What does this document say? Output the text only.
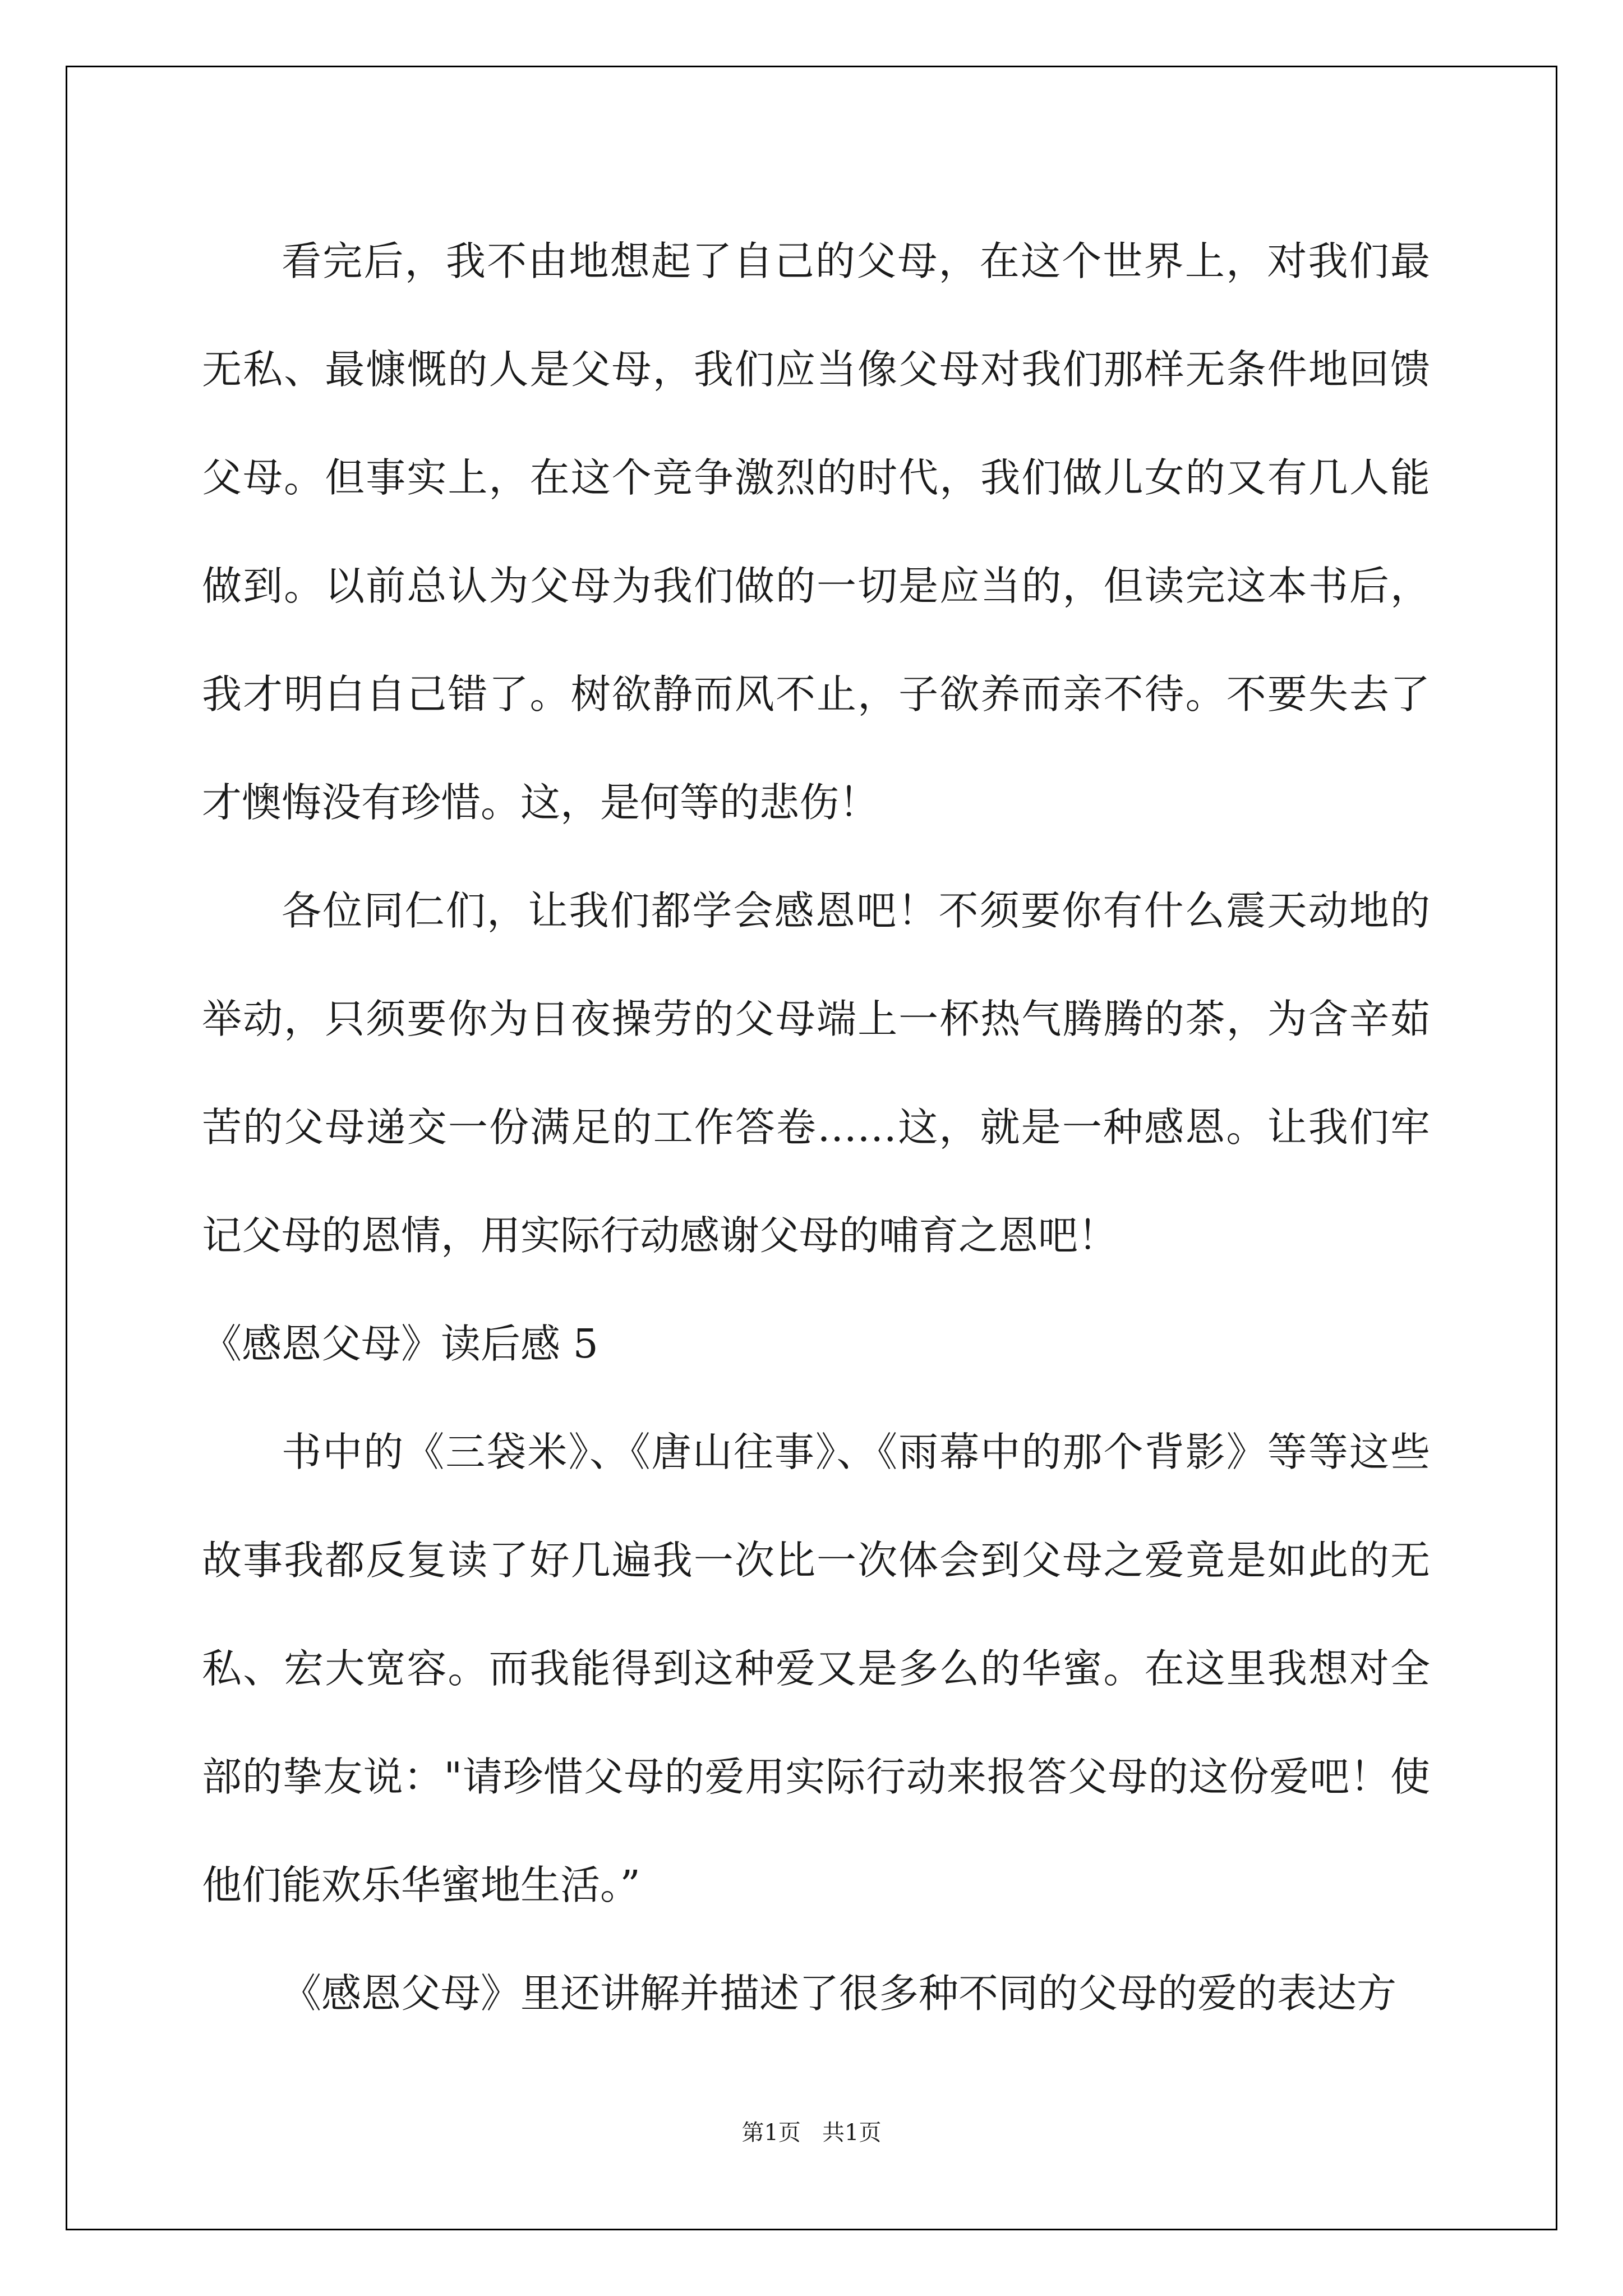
看完后，我不由地想起了自己的父母，在这个世界上，对我们最无私、最慷慨的人是父母，我们应当像父母对我们那样无条件地回馈父母。但事实上，在这个竞争激烈的时代，我们做儿女的又有几人能做到。以前总认为父母为我们做的一切是应当的，但读完这本书后，我才明白自己错了。树欲静而风不止，子欲养而亲不待。不要失去了才懊悔没有珍惜。这，是何等的悲伤！

各位同仁们，让我们都学会感恩吧！不须要你有什么震天动地的举动，只须要你为日夜操劳的父母端上一杯热气腾腾的茶，为含辛茹苦的父母递交一份满足的工作答卷……这，就是一种感恩。让我们牢记父母的恩情，用实际行动感谢父母的哺育之恩吧！

《感恩父母》读后感 5

书中的《三袋米》、《唐山往事》、《雨幕中的那个背影》等等这些故事我都反复读了好几遍我一次比一次体会到父母之爱竟是如此的无私、宏大宽容。而我能得到这种爱又是多么的华蜜。在这里我想对全部的挚友说："请珍惜父母的爱用实际行动来报答父母的这份爱吧！使他们能欢乐华蜜地生活。”

《感恩父母》里还讲解并描述了很多种不同的父母的爱的表达方

第1页   共1页
